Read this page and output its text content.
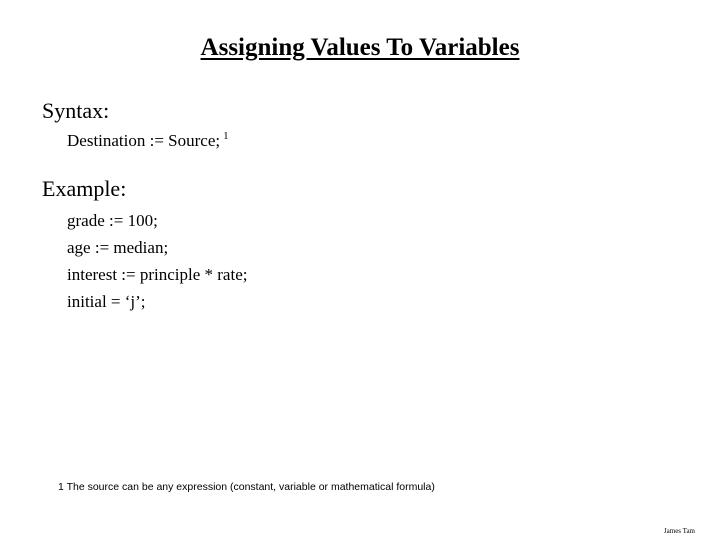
Assigning Values To Variables
Syntax:
Destination := Source; $^1$
Example:
grade := 100;
age := median;
interest := principle * rate;
initial = ‘j’;
1 The source can be any expression (constant, variable or mathematical formula)
James Tam
